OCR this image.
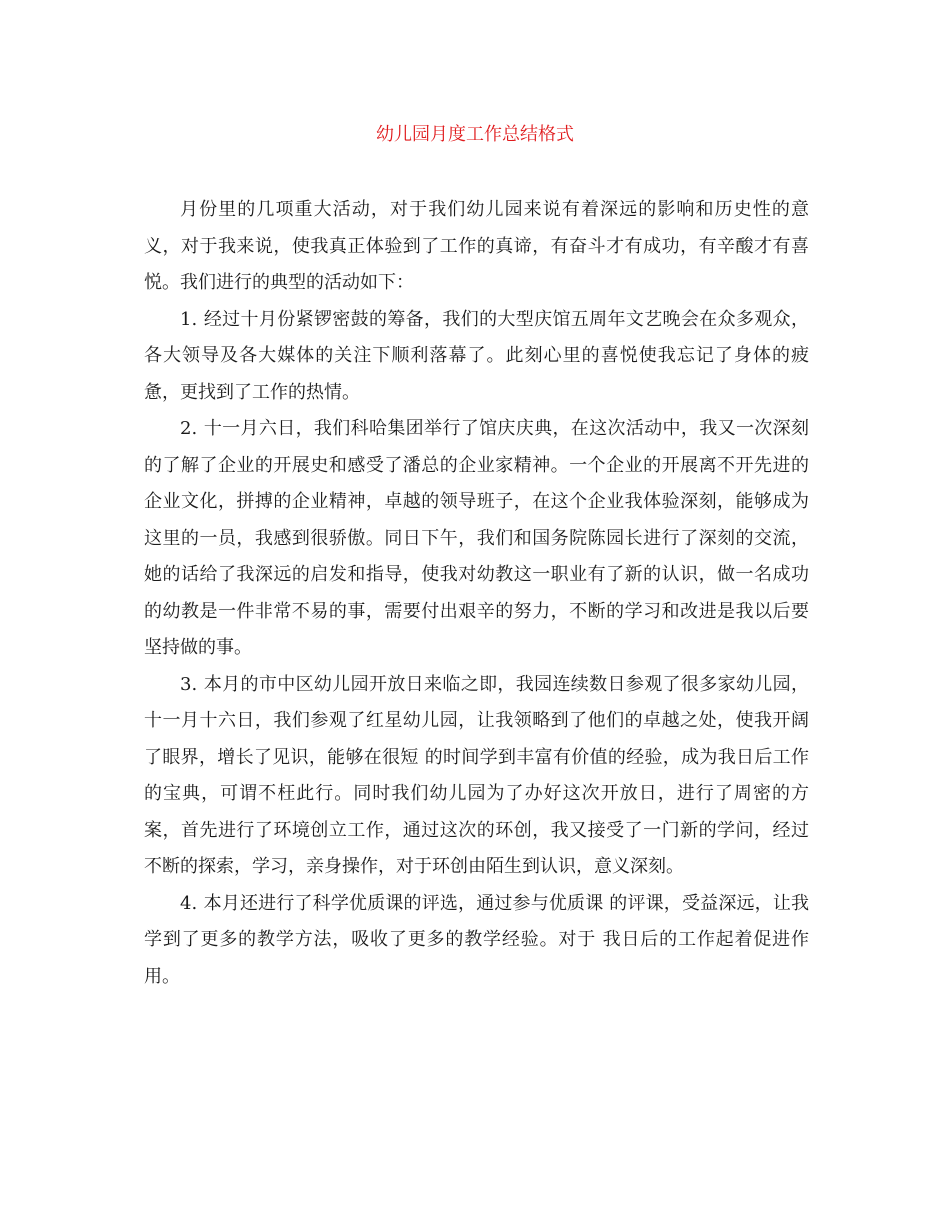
幼儿园月度工作总结格式

月份里的几项重大活动，对于我们幼儿园来说有着深远的影响和历史性的意义，对于我来说，使我真正体验到了工作的真谛，有奋斗才有成功，有辛酸才有喜悦。我们进行的典型的活动如下：

1. 经过十月份紧锣密鼓的筹备，我们的大型庆馆五周年文艺晚会在众多观众，各大领导及各大媒体的关注下顺利落幕了。此刻心里的喜悦使我忘记了身体的疲惫，更找到了工作的热情。

2. 十一月六日，我们科哈集团举行了馆庆庆典，在这次活动中，我又一次深刻的了解了企业的开展史和感受了潘总的企业家精神。一个企业的开展离不开先进的企业文化，拼搏的企业精神，卓越的领导班子，在这个企业我体验深刻，能够成为这里的一员，我感到很骄傲。同日下午，我们和国务院陈园长进行了深刻的交流，她的话给了我深远的启发和指导，使我对幼教这一职业有了新的认识，做一名成功的幼教是一件非常不易的事，需要付出艰辛的努力，不断的学习和改进是我以后要坚持做的事。

3. 本月的市中区幼儿园开放日来临之即，我园连续数日参观了很多家幼儿园，十一月十六日，我们参观了红星幼儿园，让我领略到了他们的卓越之处，使我开阔了眼界，增长了见识，能够在很短 的时间学到丰富有价值的经验，成为我日后工作的宝典，可谓不枉此行。同时我们幼儿园为了办好这次开放日，进行了周密的方案，首先进行了环境创立工作，通过这次的环创，我又接受了一门新的学问，经过不断的探索，学习，亲身操作，对于环创由陌生到认识，意义深刻。

4. 本月还进行了科学优质课的评选，通过参与优质课 的评课，受益深远，让我学到了更多的教学方法，吸收了更多的教学经验。对于 我日后的工作起着促进作用。
